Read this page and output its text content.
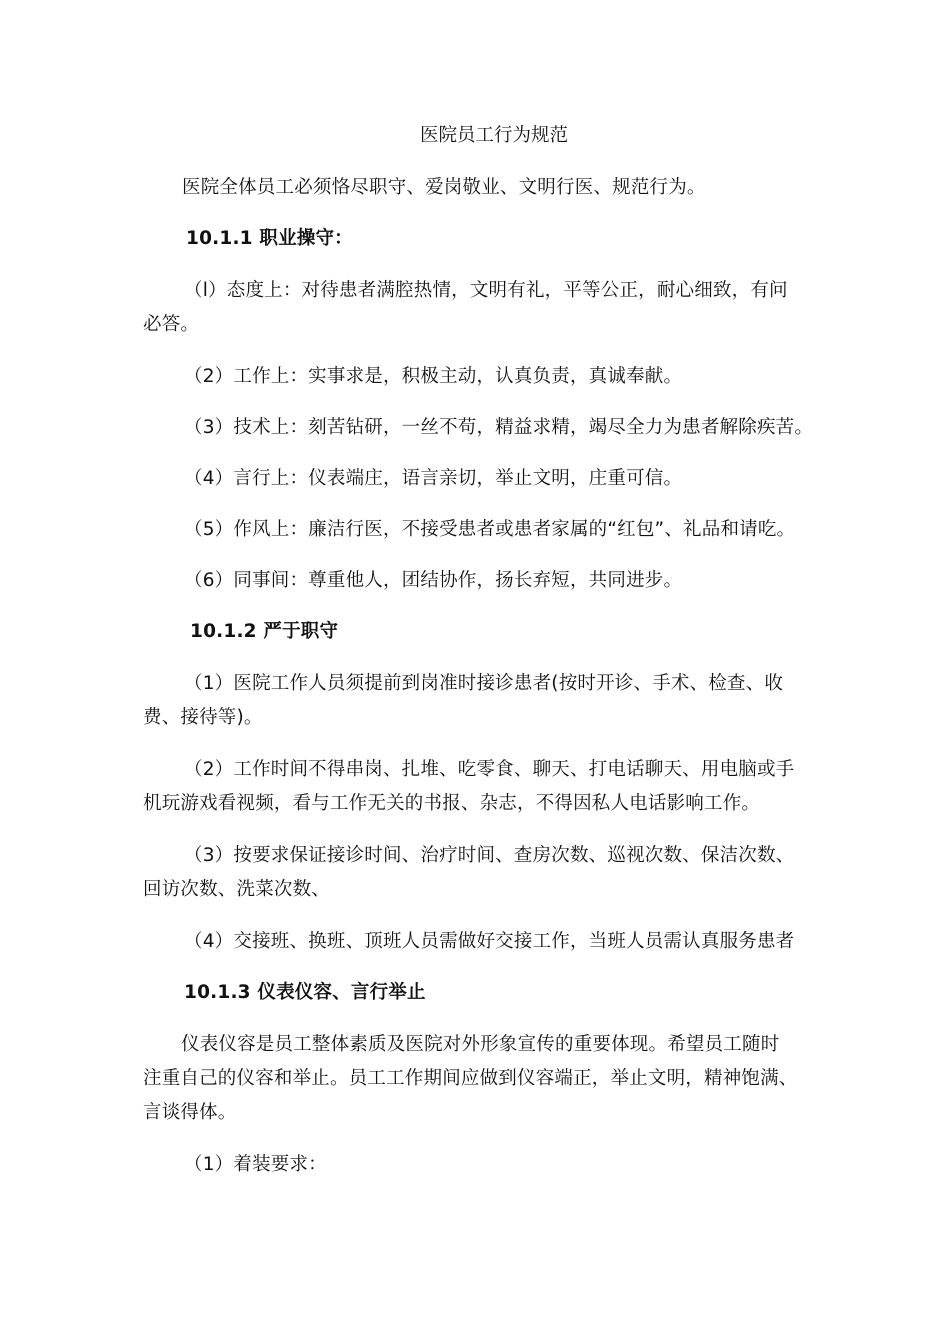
医院员工行为规范
医院全体员工必须恪尽职守、爱岗敬业、文明行医、规范行为。
10.1.1 职业操守：
（l）态度上：对待患者满腔热情，文明有礼，平等公正，耐心细致，有问
必答。
（2）工作上：实事求是，积极主动，认真负责，真诚奉献。
（3）技术上：刻苦钻研，一丝不苟，精益求精，竭尽全力为患者解除疾苦。
（4）言行上：仪表端庄，语言亲切，举止文明，庄重可信。
（5）作风上：廉洁行医，不接受患者或患者家属的“红包”、礼品和请吃。
（6）同事间：尊重他人，团结协作，扬长弃短，共同进步。
10.1.2 严于职守
（1）医院工作人员须提前到岗准时接诊患者(按时开诊、手术、检查、收
费、接待等)。
（2）工作时间不得串岗、扎堆、吃零食、聊天、打电话聊天、用电脑或手
机玩游戏看视频，看与工作无关的书报、杂志，不得因私人电话影响工作。
（3）按要求保证接诊时间、治疗时间、查房次数、巡视次数、保洁次数、
回访次数、洗菜次数、
（4）交接班、换班、顶班人员需做好交接工作，当班人员需认真服务患者
10.1.3 仪表仪容、言行举止
仪表仪容是员工整体素质及医院对外形象宣传的重要体现。希望员工随时
注重自己的仪容和举止。员工工作期间应做到仪容端正，举止文明，精神饱满、
言谈得体。
（1）着装要求：
